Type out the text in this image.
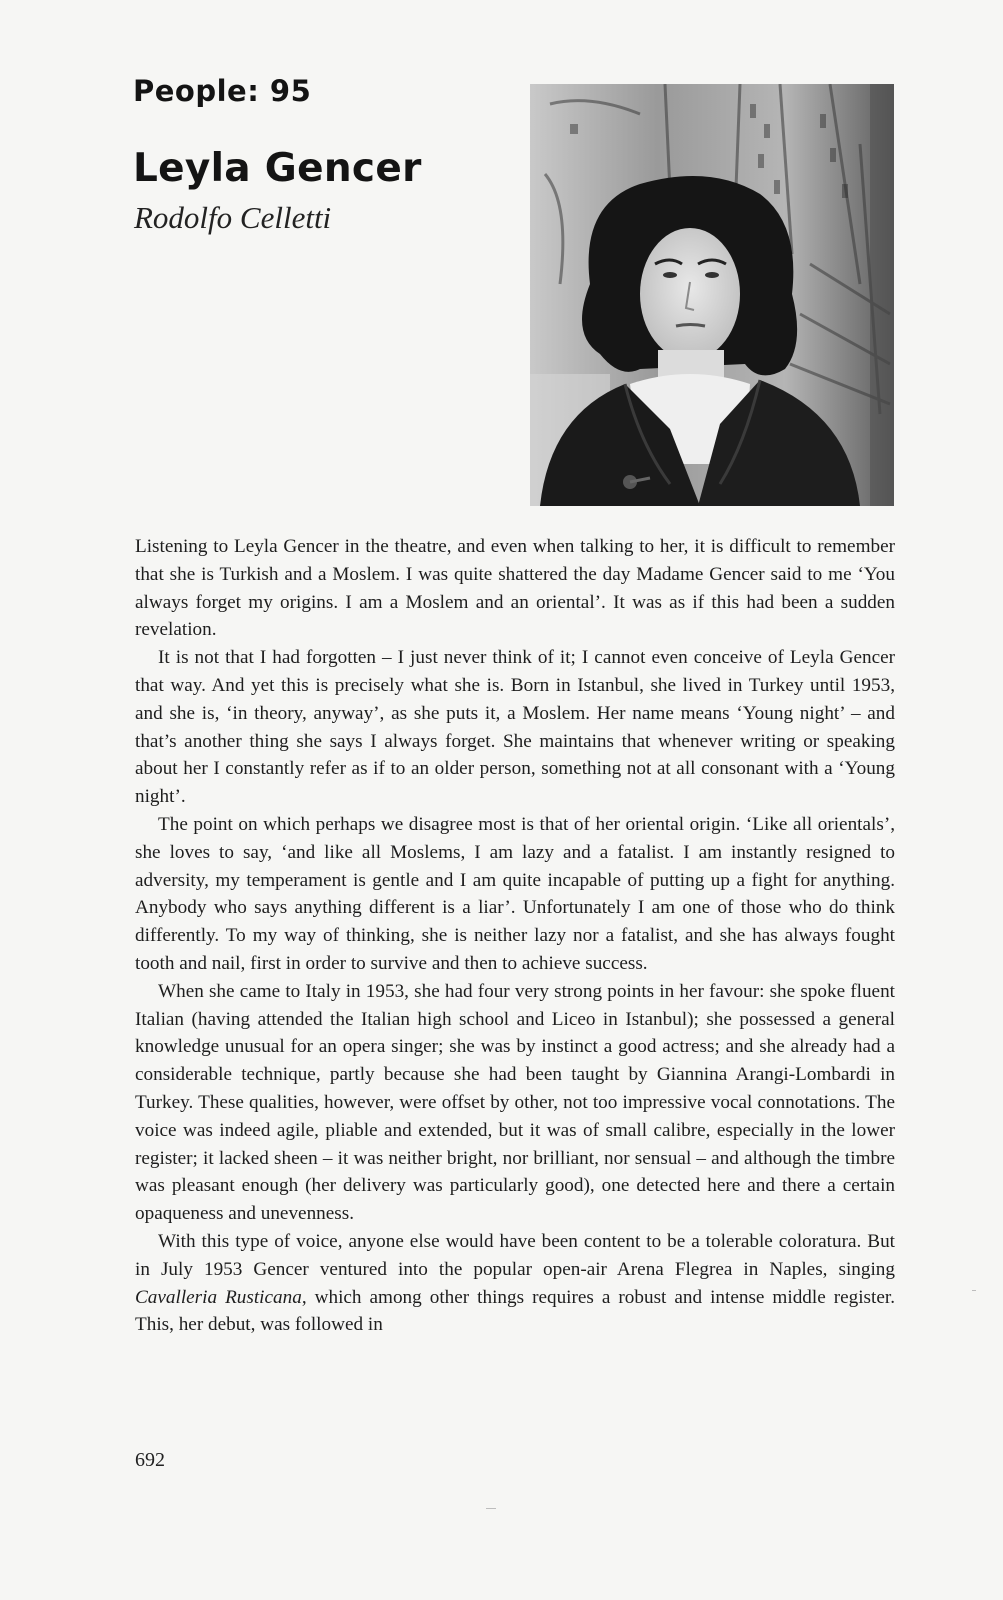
People: 95
Leyla Gencer
Rodolfo Celletti

Listening to Leyla Gencer in the theatre, and even when talking to her, it is difficult to remember that she is Turkish and a Moslem. I was quite shattered the day Madame Gencer said to me ‘You always forget my origins. I am a Moslem and an oriental’. It was as if this had been a sudden revelation.

It is not that I had forgotten – I just never think of it; I cannot even conceive of Leyla Gencer that way. And yet this is precisely what she is. Born in Istanbul, she lived in Turkey until 1953, and she is, ‘in theory, anyway’, as she puts it, a Moslem. Her name means ‘Young night’ – and that’s another thing she says I always forget. She maintains that whenever writing or speaking about her I constantly refer as if to an older person, something not at all consonant with a ‘Young night’.

The point on which perhaps we disagree most is that of her oriental origin. ‘Like all orientals’, she loves to say, ‘and like all Moslems, I am lazy and a fatalist. I am instantly resigned to adversity, my temperament is gentle and I am quite incapable of putting up a fight for anything. Anybody who says anything different is a liar’. Unfortunately I am one of those who do think differently. To my way of thinking, she is neither lazy nor a fatalist, and she has always fought tooth and nail, first in order to survive and then to achieve success.

When she came to Italy in 1953, she had four very strong points in her favour: she spoke fluent Italian (having attended the Italian high school and Liceo in Istanbul); she possessed a general knowledge unusual for an opera singer; she was by instinct a good actress; and she already had a considerable technique, partly because she had been taught by Giannina Arangi-Lombardi in Turkey. These qualities, however, were offset by other, not too impressive vocal connotations. The voice was indeed agile, pliable and extended, but it was of small calibre, especially in the lower register; it lacked sheen – it was neither bright, nor brilliant, nor sensual – and although the timbre was pleasant enough (her delivery was particularly good), one detected here and there a certain opaqueness and unevenness.

With this type of voice, anyone else would have been content to be a tolerable coloratura. But in July 1953 Gencer ventured into the popular open-air Arena Flegrea in Naples, singing Cavalleria Rusticana, which among other things requires a robust and intense middle register. This, her debut, was followed in

692
